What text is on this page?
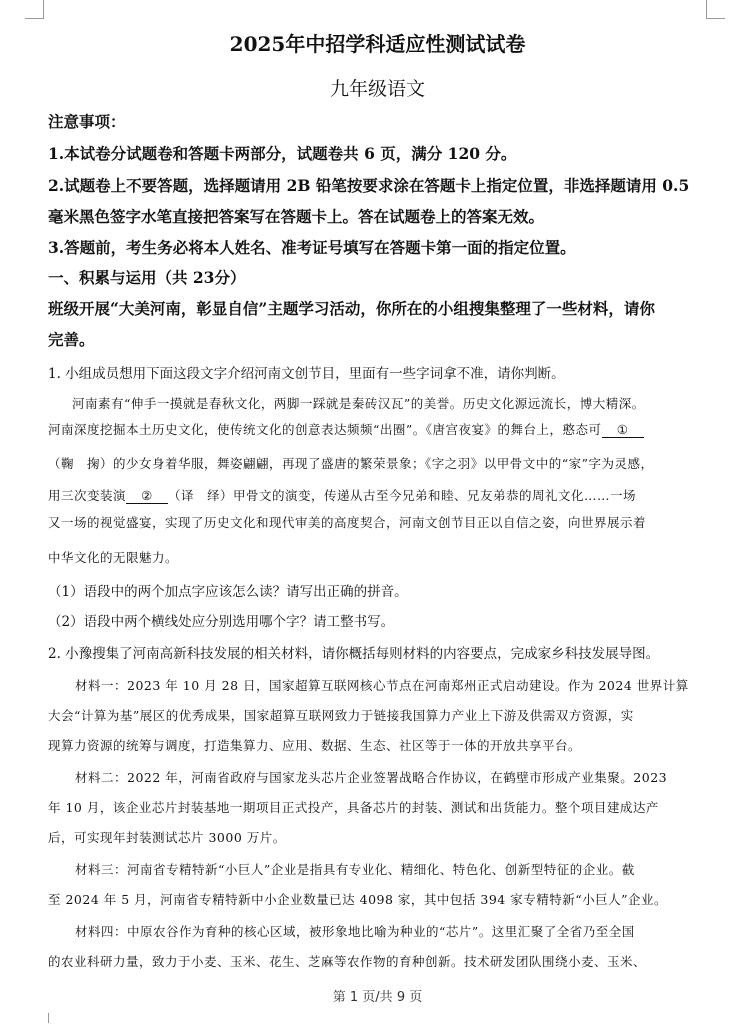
2025年中招学科适应性测试试卷
九年级语文
注意事项：
1.本试卷分试题卷和答题卡两部分，试题卷共 6 页，满分 120 分。
2.试题卷上不要答题，选择题请用 2B 铅笔按要求涂在答题卡上指定位置，非选择题请用 0.5
毫米黑色签字水笔直接把答案写在答题卡上。答在试题卷上的答案无效。
3.答题前，考生务必将本人姓名、准考证号填写在答题卡第一面的指定位置。
一、积累与运用（共 23分）
班级开展“大美河南，彰显自信”主题学习活动，你所在的小组搜集整理了一些材料，请你
完善。
1. 小组成员想用下面这段文字介绍河南文创节目，里面有一些字词拿不准，请你判断。
河南素有“伸手一摸就是春秋文化，两脚一踩就是秦砖汉瓦”的美誉。历史文化源远流长，博大精深。
河南深度挖掘本土历史文化，使传统文化的创意表达频频“出圈”。《唐宫夜宴》的舞台上，憨态可 ①
（鞠　掬）的少女身着华服，舞姿翩翩，再现了盛唐的繁荣景象；《字之羽》以甲骨文中的“家”字为灵感，
用三次变装演 ② （译　绎）甲骨文的演变，传递从古至今兄弟和睦、兄友弟恭的周礼文化……一场
又一场的视觉盛宴，实现了历史文化和现代审美的高度契合，河南文创节目正以自信之姿，向世界展示着
中华文化的无限魅力。
（1）语段中的两个加点字应该怎么读？请写出正确的拼音。
（2）语段中两个横线处应分别选用哪个字？请工整书写。
2. 小豫搜集了河南高新科技发展的相关材料，请你概括每则材料的内容要点，完成家乡科技发展导图。
材料一：2023 年 10 月 28 日，国家超算互联网核心节点在河南郑州正式启动建设。作为 2024 世界计算
大会“计算为基”展区的优秀成果，国家超算互联网致力于链接我国算力产业上下游及供需双方资源，实
现算力资源的统筹与调度，打造集算力、应用、数据、生态、社区等于一体的开放共享平台。
材料二：2022 年，河南省政府与国家龙头芯片企业签署战略合作协议，在鹤壁市形成产业集聚。2023
年 10 月，该企业芯片封装基地一期项目正式投产，具备芯片的封装、测试和出货能力。整个项目建成达产
后，可实现年封装测试芯片 3000 万片。
材料三：河南省专精特新“小巨人”企业是指具有专业化、精细化、特色化、创新型特征的企业。截
至 2024 年 5 月，河南省专精特新中小企业数量已达 4098 家，其中包括 394 家专精特新“小巨人”企业。
材料四：中原农谷作为育种的核心区域，被形象地比喻为种业的“芯片”。这里汇聚了全省乃至全国
的农业科研力量，致力于小麦、玉米、花生、芝麻等农作物的育种创新。技术研发团队围绕小麦、玉米、
第 1 页/共 9 页
